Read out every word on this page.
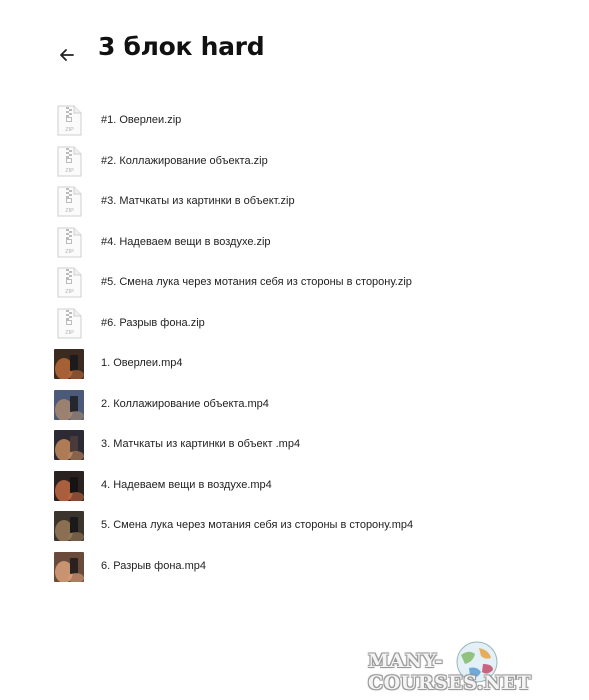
3 блок hard
ZIP
#1. Оверлеи.zip
ZIP
#2. Коллажирование объекта.zip
ZIP
#3. Матчкаты из картинки в объект.zip
ZIP
#4. Надеваем вещи в воздухе.zip
ZIP
#5. Смена лука через мотания себя из стороны в сторону.zip
ZIP
#6. Разрыв фона.zip
1. Оверлеи.mp4
2. Коллажирование объекта.mp4
3. Матчкаты из картинки в объект .mp4
4. Надеваем вещи в воздухе.mp4
5. Смена лука через мотания себя из стороны в сторону.mp4
6. Разрыв фона.mp4
MANY-COURSES.NET
